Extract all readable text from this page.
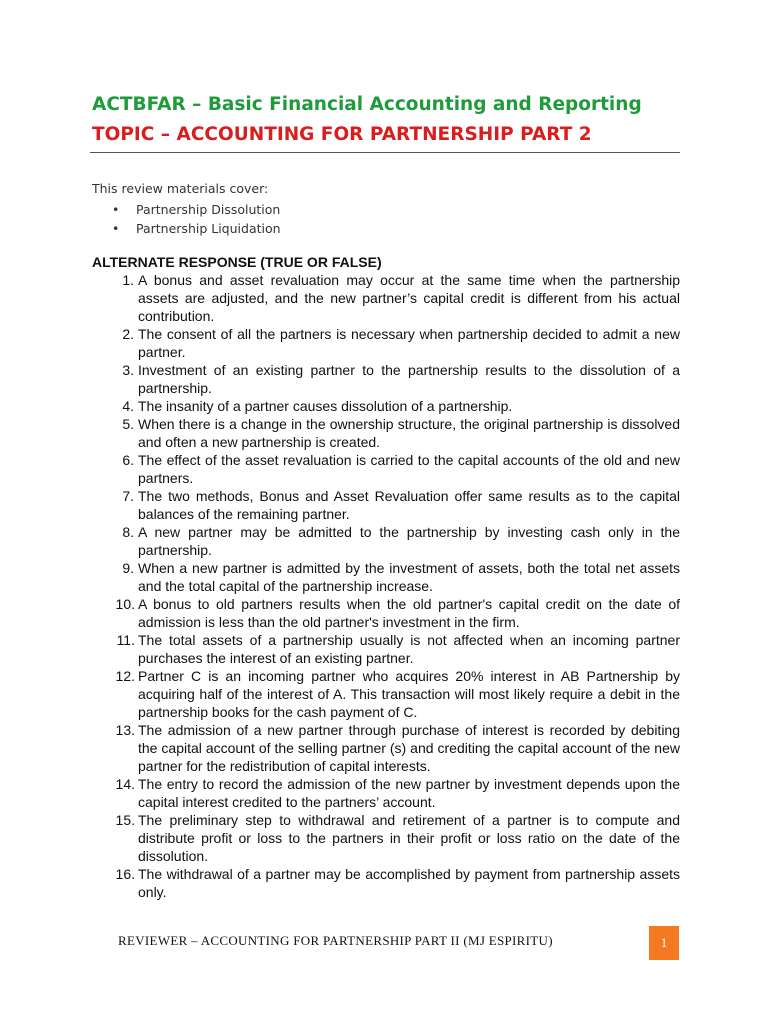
ACTBFAR – Basic Financial Accounting and Reporting
TOPIC – ACCOUNTING FOR PARTNERSHIP PART 2
This review materials cover:
• Partnership Dissolution
• Partnership Liquidation
ALTERNATE RESPONSE (TRUE OR FALSE)
1. A bonus and asset revaluation may occur at the same time when the partnership assets are adjusted, and the new partner’s capital credit is different from his actual contribution.
2. The consent of all the partners is necessary when partnership decided to admit a new partner.
3. Investment of an existing partner to the partnership results to the dissolution of a partnership.
4. The insanity of a partner causes dissolution of a partnership.
5. When there is a change in the ownership structure, the original partnership is dissolved and often a new partnership is created.
6. The effect of the asset revaluation is carried to the capital accounts of the old and new partners.
7. The two methods, Bonus and Asset Revaluation offer same results as to the capital balances of the remaining partner.
8. A new partner may be admitted to the partnership by investing cash only in the partnership.
9. When a new partner is admitted by the investment of assets, both the total net assets and the total capital of the partnership increase.
10. A bonus to old partners results when the old partner's capital credit on the date of admission is less than the old partner's investment in the firm.
11. The total assets of a partnership usually is not affected when an incoming partner purchases the interest of an existing partner.
12. Partner C is an incoming partner who acquires 20% interest in AB Partnership by acquiring half of the interest of A. This transaction will most likely require a debit in the partnership books for the cash payment of C.
13. The admission of a new partner through purchase of interest is recorded by debiting the capital account of the selling partner (s) and crediting the capital account of the new partner for the redistribution of capital interests.
14. The entry to record the admission of the new partner by investment depends upon the capital interest credited to the partners’ account.
15. The preliminary step to withdrawal and retirement of a partner is to compute and distribute profit or loss to the partners in their profit or loss ratio on the date of the dissolution.
16. The withdrawal of a partner may be accomplished by payment from partnership assets only.
REVIEWER – ACCOUNTING FOR PARTNERSHIP PART II (MJ ESPIRITU)	1
